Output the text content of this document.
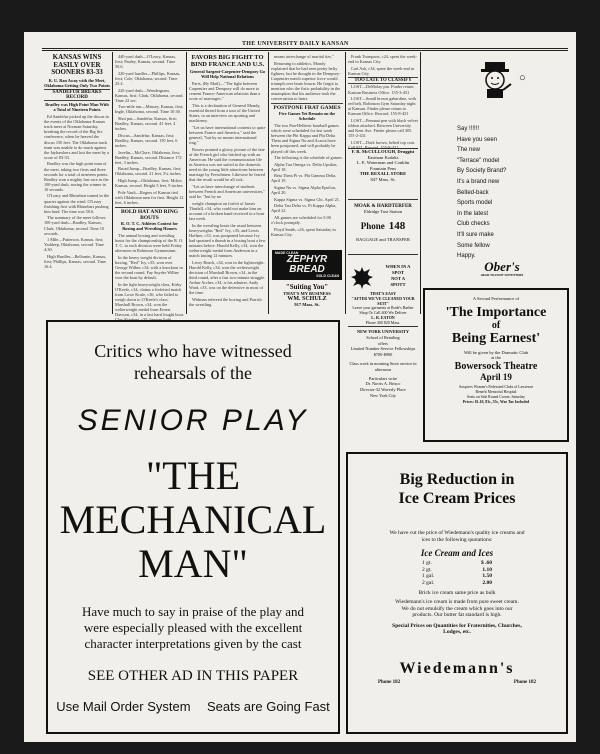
THE UNIVERSITY DAILY KANSAN
KANSAS WINS EASILY OVER SOONERS 83-33
K. U. Ran Away with the Meet, Oklahoma Getting Only Two Points
SANDEFUR BREAKS RECORD
Bradley was High Point Man With a Total of Nineteen Points

Ed Sandefur picked up the discus in the events of the Oklahoma-Kansas track meet at Norman Saturday, breaking the record of the Big Six conference, when he heaved the discus 150 feet. The Oklahoma track team was unable to do much against the Jayhawkers and lost the meet by a score of 83-33.

Bradley was the high point man of the meet, taking two firsts and three seconds for a total of nineteen points. Bradley won a mighty fast race in the 100-yard dash, nosing the winner in 10 seconds.

O'Leary and Rhinehart turned in the quarter against the wind. O'Leary finishing first with Rhinehart pushing him hard. The time was 50.6.

The summary of the meet follows: 100-yard dash—Bradley, Kansas; Clark, Oklahoma, second. Time 10 seconds.

1 Mile—Patterson, Kansas, first; Yaddeep, Oklahoma, second. Time 4:30.

High Hurdles—Bellomin, Kansas, first; Phillips, Kansas, second. Time 16.4.

440-yard dash—O'Leary, Kansas, first; Pauley, Kansas, second. Time 50.6.

220-yard hurdles—Phillips, Kansas, first; Cole, Oklahoma, second. Time 25.4.

220-yard dash—Wendergram, Kansas, first; Clark, Oklahoma, second. Time 22 sec.

Two-mile run—Massey, Kansas, first; Ingle, Oklahoma, second. Time 10:30.

Shot put—Sandefur, Kansas, first; Bradley, Kansas, second. 41 feet, 4 inches.

Discus—Sandefur, Kansas, first; Bradley, Kansas, second. 150 feet, 6 inches.

Javelin—McClure, Oklahoma, first; Bradley, Kansas, second. Distance 172 feet, 3 inches.

Broad Jump—Bradley, Kansas, first; Oklahoma, second. 21 feet, 5¼ inches.

High Jump—Oklahoma, first; Mckie, Kansas, second. Height 5 feet, 9 inches.

Pole Vault—Rogers of Kansas tied with Oklahoma men for first. Height 12 feet, 6 inches.

BOLD HAT AND RING BOUTS
R. O. T. C. Athletes Contest for Boxing and Wrestling Honors

The annual boxing and wrestling bouts for the championship of the R. O. T. C. in each division were held Friday afternoon in Robinson Gymnasium.

In the heavy weight division of boxing, "Red" Ivy, c35, won over George Wilber, c34, with a knockout in the second round. Fay Snyder Wilber won the bout by default.

In the light heavyweight class, Kirby O'Keefe, c34, claims a forfeited match from Lowe Krule, c36, who failed to weigh down to O'Keefe's class. Marshall Brown, c34, won the welterweight medal from Ernest Dawson, c34, in a fast hard fought bout.

FAVORS BIG FIGHT TO BIND FRANCE AND U.S.
General Sargent-Carpenter-Dempsey Go Will Help National Relations

Paris, (By Mail)—"The fight between Carpentier and Dempsey will do more to cement Franco-American relations than a score of marriages."

This is a declaration of General Mondy, essential thread from a tour of the United States, in an interview on sporting and machinery.

"Let us have international contests to quite between France and America," said the general, "but by no means international ring."

Boxers pointed a glossy picture of the fate of the French girl who hitched up with an American. He said the communication life in America was not suited to the domestic need in the young little attractions between marriage by Frenchmen. Likewise he feared that the result would be all sick.

"Let us have interchange of students between French and American universities," said he, "but by no

weight champion on forfeit of James Thurlall, c34, who could not make him on account of a broken hand received in a bout last week.

In the wrestling bouts the usual between heavyweights "Red" Ivy, c35, and Lewis Hoffner, c33, was postponed because Ivy had sprained a thumb in a boxing bout a few minutes before. Harold Kelly, c34, won the welterweight medal from Anderson in a match lasting 12 minutes.

Leroy Roach, c34, won in the lightweight. Harold Kelly, c34, won the welterweight decision of Marshall Brown, c34, in the third round, after a fast two-minute struggle. Arthur Archer, c34, is his admirer, Andy Ward, c33, was on the defensive in most of the time.

Widman refereed the boxing and Parrish the wrestling.

means interchange of marital ties."

Returning to athletics, Mondy explained that he had seen pretty hefty fighters, but he thought in the Dempsey-Carpentier match superior force would triumph over brute brawn. He forgot to mention who the fistic probability in the assumption that his audience took the conversation to heart.

POSTPONE FRAT GAMES
Five Games Yet Remain on the Schedule

The two Pan-Hellenic baseball games which were scheduled for last week between the Phi Kappa and Phi Delta Theta and Sigma Nu and Acacia have been postponed, and will probably be played off this week.

The following is the schedule of games:

Alpha Tau Omega vs. Delta Upsilon, April 18.

Beta Theta Pi vs. Phi Gamma Delta, April 19.

Sigma Nu vs. Sigma Alpha Epsilon, April 20.

Kappa Sigma vs. Sigma Chi, April 21.

Delta Tau Delta vs. Pi Kappa Alpha, April 22.

All games are scheduled for 5:00 o'clock promptly.

Floyd Smith, c26, spent Saturday in Kansas City.

MADE CLEAN
ZEPHYR
BREAD
SOLD CLEAN
"Suiting You"
THAT'S MY BUSINESS
WM. SCHULZ
917 Mass. St.

Frank Trompson, c24, spent the week-end in Kansas City.

Carl Ash, c34, spent the week-end in Kansas City.

TOO LATE TO CLASSIFY

LOST—DeMolay pin. Finder return Kansan Business Office. 155-3-431

LOST—Small brown gabardine, with red belt, Robinson Gym Saturday night at Kansan. Finder please return to Kansan Office. Reward. 155-8-431

LOST—Pennant pen with black velvet ribbon attached. Between University and Kent Ave. Finder please call 305. 155-2-431

LOST—Dark brown, belted top coat. Call 821. Reward. 155-8-431

F. R. McCULLOUGH, Druggist
Eastman Kodaks
L. E. Waterman and Conklin
Fountain Pens
THE REXALL STORE
847 Mass. St.
MOAK & HARDTERFER
Eldridge Taxi Station
Phone 148
BAGGAGE and TRANSFER
WHEN IN A
SPOT
NOT A
SPOTT
THAT'S EASY
"AFTER WE'VE CLEANED YOUR SUIT"
Leave your garments at Rode's Barber Shop Or Call 400 We Deliver
L. R. EATON
Phone 400 820 Mass.
NEW YORK UNIVERSITY
School of Retailing
offers
Limited Number Service Fellowships
$700-$900
Class work in morning Store service in afternoon
Particulars write
Dr. Norris A. Brisco
Director-32 Waverly Place
New York City
○
Say !!!!!!
Have you seen
The new
"Terrace" model
By Society Brand?
It's a brand new
Belted-back
Sports model
In the latest
Club checks
It'll sure make
Some fellow
Happy.
Ober's
HEAD-TO-FOOT OUTFITTERS
A Second Performance of
'The Importance
of
Being Earnest'
Will be given by the Dramatic Club
at the
Bowersock Theatre
April 19
Auspices Women's Federated Clubs of Lawrence
Benefit Memorial Hospital
Seats on Sale Round Corner, Saturday
Prices: $1.10, 83c, 55c, War Tax Included
Critics who have witnessed
rehearsals of the
SENIOR PLAY
"THE
MECHANICAL
MAN"
Have much to say in praise of the play and
were especially pleased with the excellent
character interpretations given by the cast
SEE OTHER AD IN THIS PAPER
Use Mail Order System Seats are Going Fast
Big Reduction in
Ice Cream Prices
We have cut the price of Wiedemann's quality ice creams and ices to the following quotations:
Ice Cream and Ices
1 gt.	$ .60
2 gt.	1.10
1 gal.	1.50
2 gal.	2.00
Brick ice cream same price as bulk
Wiedemann's ice cream is made from pure sweet cream. We do not emulsify the cream which goes into our products. Our butter fat standard is high.
Special Prices on Quantities for Fraternities, Churches, Lodges, etc.
Wiedemann's
Phone 182	Phone 182
